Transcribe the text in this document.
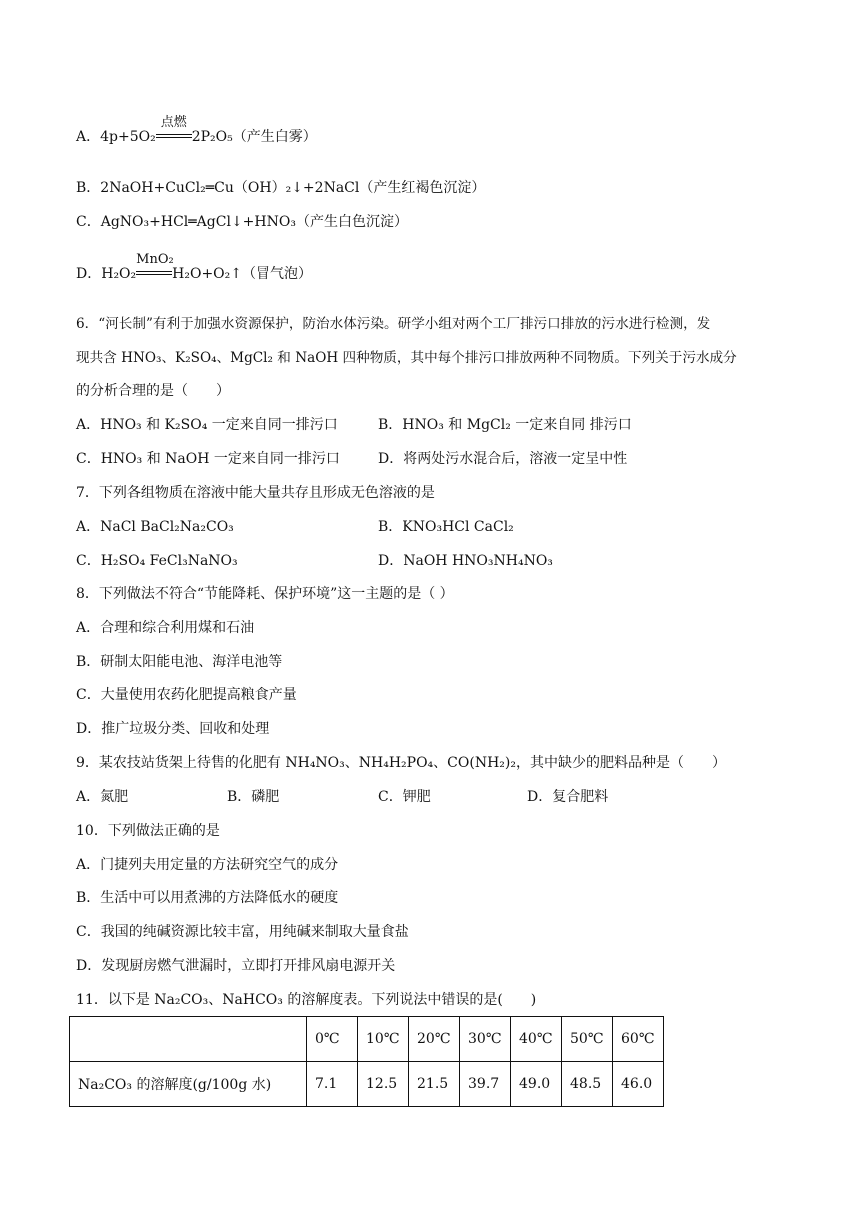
A．4p+5O₂
点燃
2P₂O₅（产生白雾）
B．2NaOH+CuCl₂═Cu（OH）₂↓+2NaCl（产生红褐色沉淀）
C．AgNO₃+HCl═AgCl↓+HNO₃（产生白色沉淀）
D．H₂O₂
MnO₂
H₂O+O₂↑（冒气泡）
6．“河长制”有利于加强水资源保护，防治水体污染。研学小组对两个工厂排污口排放的污水进行检测，发
现共含 HNO₃、K₂SO₄、MgCl₂ 和 NaOH 四种物质，其中每个排污口排放两种不同物质。下列关于污水成分
的分析合理的是（　　）
A．HNO₃ 和 K₂SO₄ 一定来自同一排污口	B．HNO₃ 和 MgCl₂ 一定来自同 排污口
C．HNO₃ 和 NaOH 一定来自同一排污口	D．将两处污水混合后，溶液一定呈中性
7．下列各组物质在溶液中能大量共存且形成无色溶液的是
A．NaCl BaCl₂Na₂CO₃	B．KNO₃HCl CaCl₂
C．H₂SO₄ FeCl₃NaNO₃	D．NaOH HNO₃NH₄NO₃
8．下列做法不符合“节能降耗、保护环境”这一主题的是（ ）
A．合理和综合利用煤和石油
B．研制太阳能电池、海洋电池等
C．大量使用农药化肥提高粮食产量
D．推广垃圾分类、回收和处理
9．某农技站货架上待售的化肥有 NH₄NO₃、NH₄H₂PO₄、CO(NH₂)₂，其中缺少的肥料品种是（　　）
A．氮肥	B．磷肥	C．钾肥	D．复合肥料
10．下列做法正确的是
A．门捷列夫用定量的方法研究空气的成分
B．生活中可以用煮沸的方法降低水的硬度
C．我国的纯碱资源比较丰富，用纯碱来制取大量食盐
D．发现厨房燃气泄漏时，立即打开排风扇电源开关
11．以下是 Na₂CO₃、NaHCO₃ 的溶解度表。下列说法中错误的是(　　)
	0℃	10℃	20℃	30℃	40℃	50℃	60℃
Na₂CO₃ 的溶解度(g/100g 水)	7.1	12.5	21.5	39.7	49.0	48.5	46.0
